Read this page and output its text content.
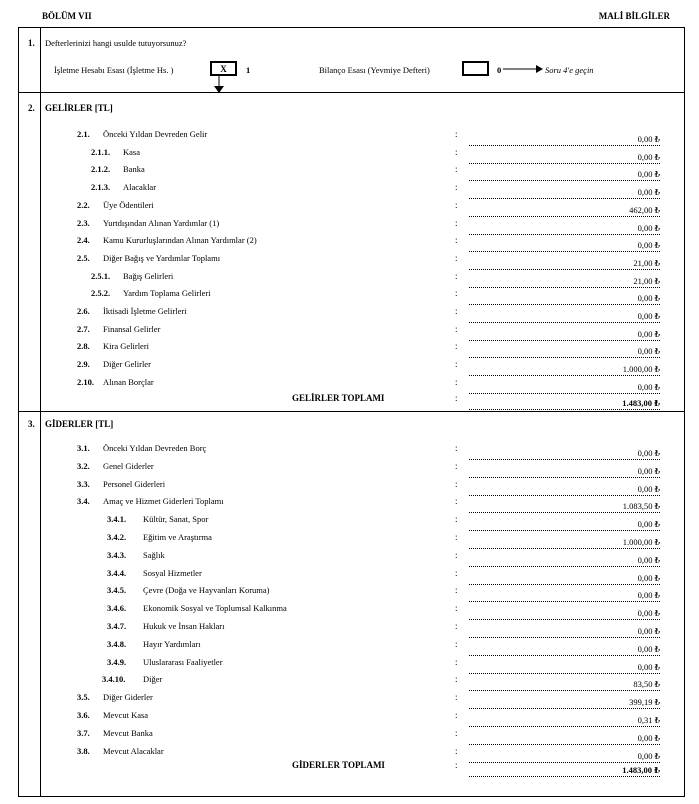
BÖLÜM VII	MALİ BİLGİLER
1. Defterlerinizi hangi usulde tutuyorsunuz?
İşletme Hesabı Esası (İşletme Hs. )	X	1	Bilanço Esası (Yevmiye Defteri)	0	Soru 4'e geçin
2. GELİRLER [TL]
2.1. Önceki Yıldan Devreden Gelir	:	0,00 ₺
2.1.1. Kasa	:	0,00 ₺
2.1.2. Banka	:	0,00 ₺
2.1.3. Alacaklar	:	0,00 ₺
2.2. Üye Ödentileri	:	462,00 ₺
2.3. Yurtdışından Alınan Yardımlar (1)	:	0,00 ₺
2.4. Kamu Kururluşlarından Alınan Yardımlar (2)	:	0,00 ₺
2.5. Diğer Bağış ve Yardımlar Toplamı	:	21,00 ₺
2.5.1. Bağış Gelirleri	:	21,00 ₺
2.5.2. Yardım Toplama Gelirleri	:	0,00 ₺
2.6. İktisadi İşletme Gelirleri	:	0,00 ₺
2.7. Finansal Gelirler	:	0,00 ₺
2.8. Kira Gelirleri	:	0,00 ₺
2.9. Diğer Gelirler	:	1.000,00 ₺
2.10. Alınan Borçlar	:	0,00 ₺
GELİRLER TOPLAMI	:	1.483,00 ₺
3. GİDERLER [TL]
3.1. Önceki Yıldan Devreden Borç	:	0,00 ₺
3.2. Genel Giderler	:	0,00 ₺
3.3. Personel Giderleri	:	0,00 ₺
3.4. Amaç ve Hizmet Giderleri Toplamı	:	1.083,50 ₺
3.4.1. Kültür, Sanat, Spor	:	0,00 ₺
3.4.2. Eğitim ve Araştırma	:	1.000,00 ₺
3.4.3. Sağlık	:	0,00 ₺
3.4.4. Sosyal Hizmetler	:	0,00 ₺
3.4.5. Çevre (Doğa ve Hayvanları Koruma)	:	0,00 ₺
3.4.6. Ekonomik Sosyal ve Toplumsal Kalkınma	:	0,00 ₺
3.4.7. Hukuk ve İnsan Hakları	:	0,00 ₺
3.4.8. Hayır Yardımları	:	0,00 ₺
3.4.9. Uluslararası Faaliyetler	:	0,00 ₺
3.4.10. Diğer	:	83,50 ₺
3.5. Diğer Giderler	:	399,19 ₺
3.6. Mevcut Kasa	:	0,31 ₺
3.7. Mevcut Banka	:	0,00 ₺
3.8. Mevcut Alacaklar	:	0,00 ₺
GİDERLER TOPLAMI	:	1.483,00 ₺
